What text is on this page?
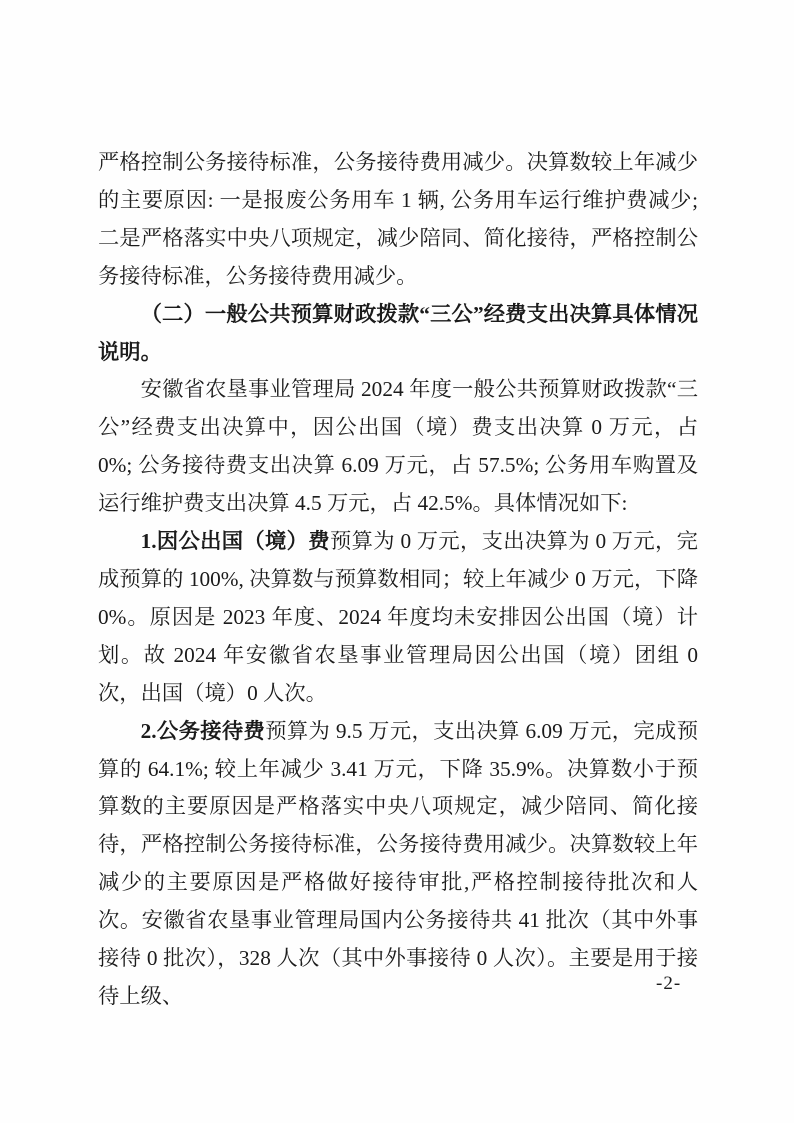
严格控制公务接待标准，公务接待费用减少。决算数较上年减少的主要原因: 一是报废公务用车 1 辆, 公务用车运行维护费减少; 二是严格落实中央八项规定，减少陪同、简化接待，严格控制公务接待标准，公务接待费用减少。

（二）一般公共预算财政拨款“三公”经费支出决算具体情况说明。

安徽省农垦事业管理局 2024 年度一般公共预算财政拨款“三公”经费支出决算中，因公出国（境）费支出决算 0 万元，占 0%; 公务接待费支出决算 6.09 万元，占 57.5%; 公务用车购置及运行维护费支出决算 4.5 万元，占 42.5%。具体情况如下:

1.因公出国（境）费预算为 0 万元，支出决算为 0 万元，完成预算的 100%, 决算数与预算数相同；较上年减少 0 万元，下降 0%。原因是 2023 年度、2024 年度均未安排因公出国（境）计划。故 2024 年安徽省农垦事业管理局因公出国（境）团组 0 次，出国（境）0 人次。

2.公务接待费预算为 9.5 万元，支出决算 6.09 万元，完成预算的 64.1%; 较上年减少 3.41 万元，下降 35.9%。决算数小于预算数的主要原因是严格落实中央八项规定，减少陪同、简化接待，严格控制公务接待标准，公务接待费用减少。决算数较上年减少的主要原因是严格做好接待审批,严格控制接待批次和人次。安徽省农垦事业管理局国内公务接待共 41 批次（其中外事接待 0 批次），328 人次（其中外事接待 0 人次）。主要是用于接待上级、

-2-
